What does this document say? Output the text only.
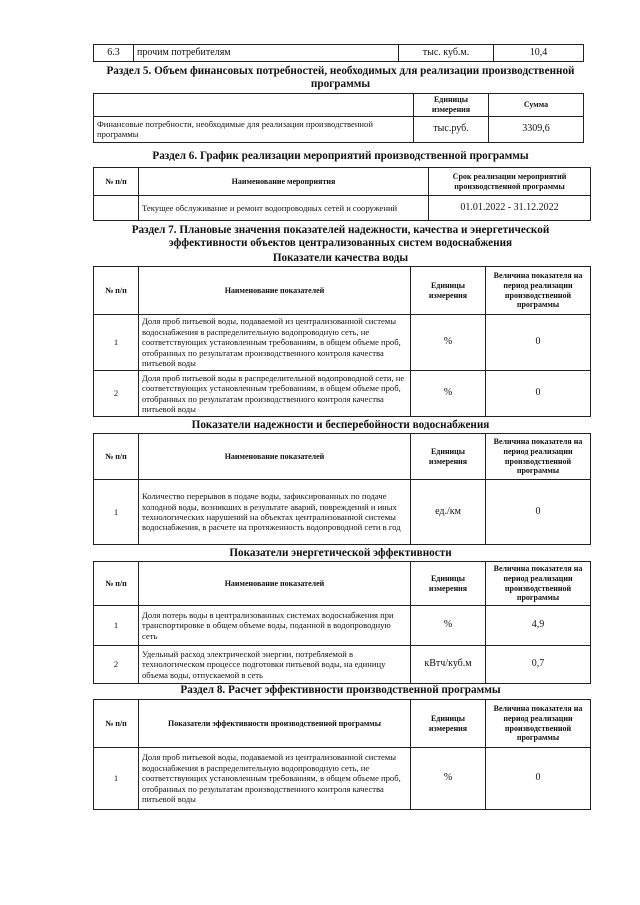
6.3	прочим потребителям	тыс. куб.м.	10,4
Раздел 5. Объем финансовых потребностей, необходимых для реализации производственной программы
	Единицы измерения	Сумма
Финансовые потребности, необходимые для реализации производственной программы	тыс.руб.	3309,6
Раздел 6. График реализации мероприятий производственной программы
№ п/п	Наименование мероприятия	Срок реализации мероприятий производственной программы
	Текущее обслуживание и ремонт водопроводных сетей и сооружений	01.01.2022 - 31.12.2022
Раздел 7. Плановые значения показателей надежности, качества и энергетической эффективности объектов централизованных систем водоснабжения
Показатели качества воды
№ п/п	Наименование показателей	Единицы измерения	Величина показателя на период реализации производственной программы
1	Доля проб питьевой воды, подаваемой из централизованной системы водоснабжения в распределительную водопроводную сеть, не соответствующих установленным требованиям, в общем объеме проб, отобранных по результатам производственного контроля качества питьевой воды	%	0
2	Доля проб питьевой воды в распределительной водопроводной сети, не соответствующих установленным требованиям, в общем объеме проб, отобранных по результатам производственного контроля качества питьевой воды	%	0
Показатели надежности и бесперебойности водоснабжения
№ п/п	Наименование показателей	Единицы измерения	Величина показателя на период реализации производственной программы
1	Количество перерывов в подаче воды, зафиксированных по подаче холодной воды, возникших в результате аварий, повреждений и иных технологических нарушений на объектах централизованной системы водоснабжения, в расчете на протяженность водопроводной сети в год	ед./км	0
Показатели энергетической эффективности
№ п/п	Наименование показателей	Единицы измерения	Величина показателя на период реализации производственной программы
1	Доля потерь воды в централизованных системах водоснабжения при транспортировке в общем объеме воды, поданной в водопроводную сеть	%	4,9
2	Удельный расход электрической энергии, потребляемой в технологическом процессе подготовки питьевой воды, на единицу объема воды, отпускаемой в сеть	кВтч/куб.м	0,7
Раздел 8. Расчет эффективности производственной программы
№ п/п	Показатели эффективности производственной программы	Единицы измерения	Величина показателя на период реализации производственной программы
1	Доля проб питьевой воды, подаваемой из централизованной системы водоснабжения в распределительную водопроводную сеть, не соответствующих установленным требованиям, в общем объеме проб, отобранных по результатам производственного контроля качества питьевой воды	%	0
